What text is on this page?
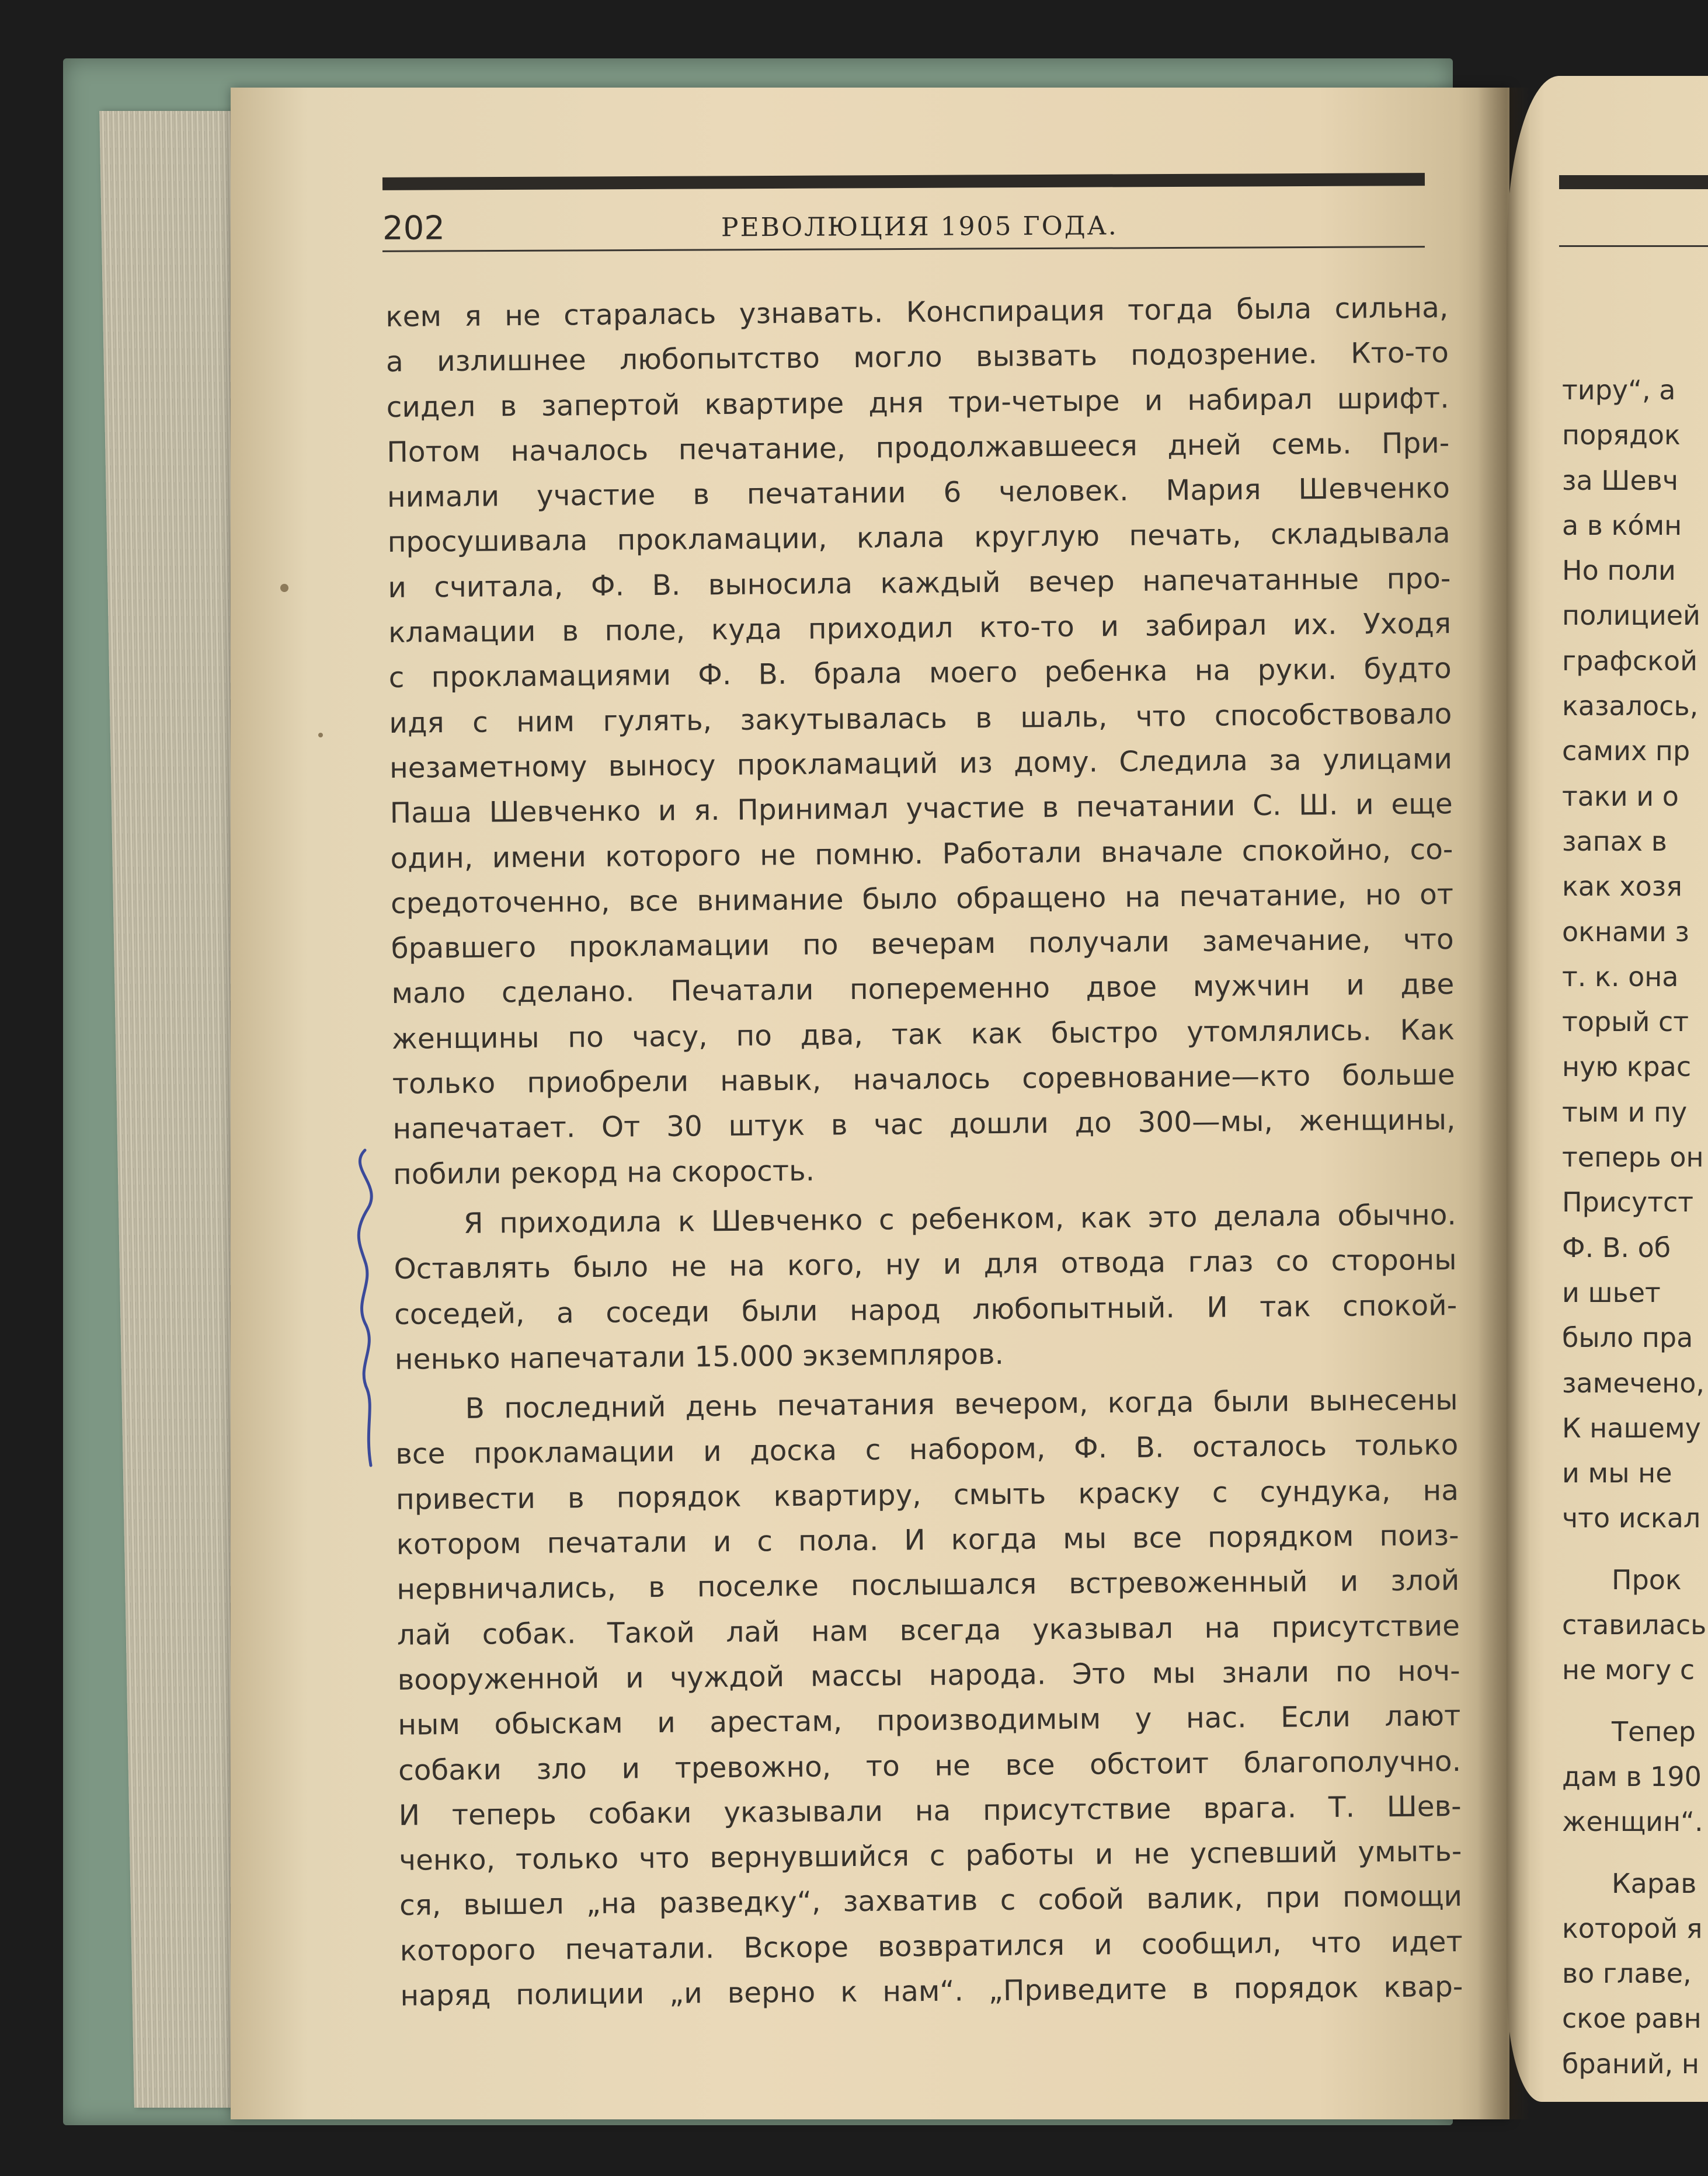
тиру“, а
порядок
за Шевч
а в ко́мн
Но поли
полицией
графской
казалось,
самих пр
таки и о
запах в
как хозя
окнами з
т. к. она
торый ст
ную крас
тым и пу
теперь он
Присутст
Ф. В. об
и шьет
было пра
замечено,
К нашему
и мы не
что искал
Прок
ставилась
не могу с
Тепер
дам в 190
женщин“.
Карав
которой я
во главе,
ское равн
браний, н
202	РЕВОЛЮЦИЯ 1905 ГОДА.
кем я не старалась узнавать. Конспирация тогда была сильна,
а излишнее любопытство могло вызвать подозрение. Кто-то
сидел в запертой квартире дня три-четыре и набирал шрифт.
Потом началось печатание, продолжавшееся дней семь. При-
нимали участие в печатании 6 человек. Мария Шевченко
просушивала прокламации, клала круглую печать, складывала
и считала, Ф. В. выносила каждый вечер напечатанные про-
кламации в поле, куда приходил кто-то и забирал их. Уходя
с прокламациями Ф. В. брала моего ребенка на руки. будто
идя с ним гулять, закутывалась в шаль, что способствовало
незаметному выносу прокламаций из дому. Следила за улицами
Паша Шевченко и я. Принимал участие в печатании С. Ш. и еще
один, имени которого не помню. Работали вначале спокойно, со-
средоточенно, все внимание было обращено на печатание, но от
бравшего прокламации по вечерам получали замечание, что
мало сделано. Печатали попеременно двое мужчин и две
женщины по часу, по два, так как быстро утомлялись. Как
только приобрели навык, началось соревнование—кто больше
напечатает. От 30 штук в час дошли до 300—мы, женщины,
побили рекорд на скорость.
Я приходила к Шевченко с ребенком, как это делала обычно.
Оставлять было не на кого, ну и для отвода глаз со стороны
соседей, а соседи были народ любопытный. И так спокой-
ненько напечатали 15.000 экземпляров.
В последний день печатания вечером, когда были вынесены
все прокламации и доска с набором, Ф. В. осталось только
привести в порядок квартиру, смыть краску с сундука, на
котором печатали и с пола. И когда мы все порядком поиз-
нервничались, в поселке послышался встревоженный и злой
лай собак. Такой лай нам всегда указывал на присутствие
вооруженной и чуждой массы народа. Это мы знали по ноч-
ным обыскам и арестам, производимым у нас. Если лают
собаки зло и тревожно, то не все обстоит благополучно.
И теперь собаки указывали на присутствие врага. Т. Шев-
ченко, только что вернувшийся с работы и не успевший умыть-
ся, вышел „на разведку“, захватив с собой валик, при помощи
которого печатали. Вскоре возвратился и сообщил, что идет
наряд полиции „и верно к нам“. „Приведите в порядок квар-
